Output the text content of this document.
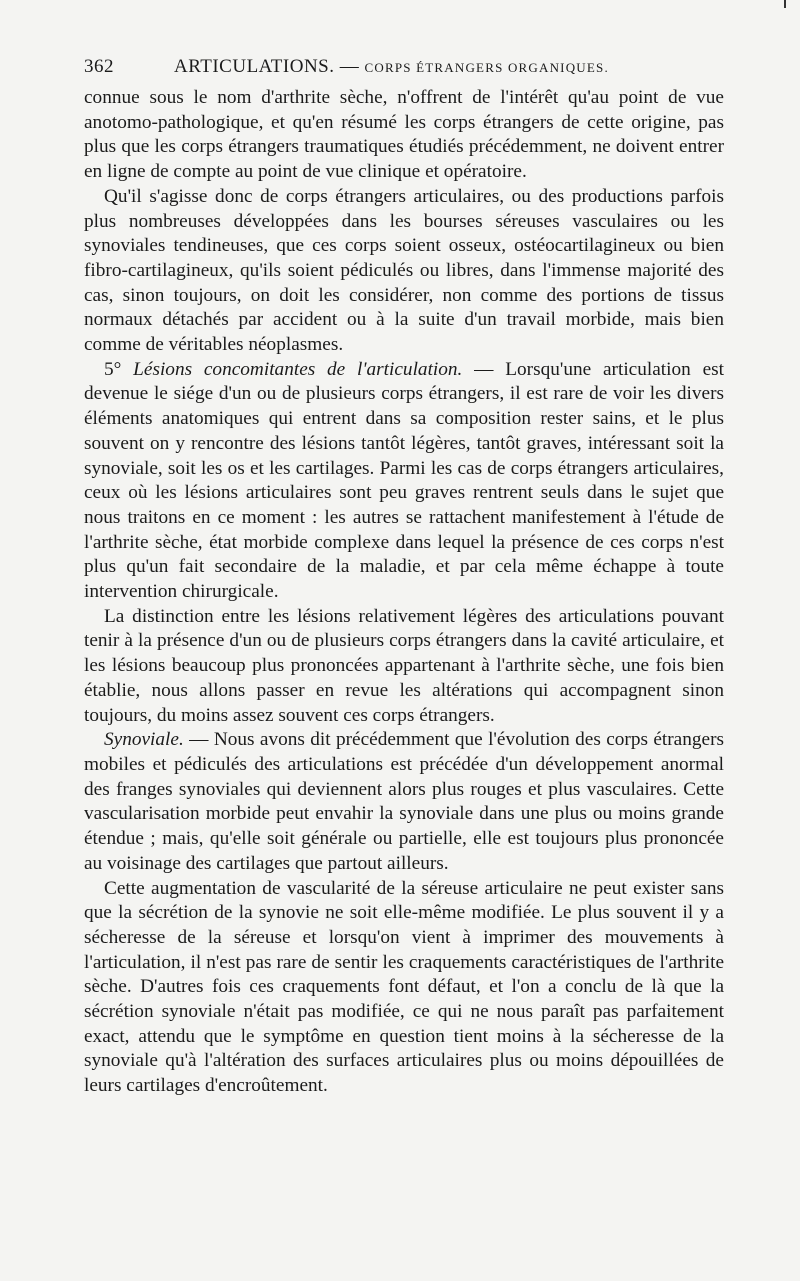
362	ARTICULATIONS. — CORPS ÉTRANGERS ORGANIQUES.

connue sous le nom d'arthrite sèche, n'offrent de l'intérêt qu'au point de vue anotomo-pathologique, et qu'en résumé les corps étrangers de cette origine, pas plus que les corps étrangers traumatiques étudiés précédemment, ne doivent entrer en ligne de compte au point de vue clinique et opératoire.

Qu'il s'agisse donc de corps étrangers articulaires, ou des productions parfois plus nombreuses développées dans les bourses séreuses vasculaires ou les synoviales tendineuses, que ces corps soient osseux, ostéocartilagineux ou bien fibro-cartilagineux, qu'ils soient pédiculés ou libres, dans l'immense majorité des cas, sinon toujours, on doit les considérer, non comme des portions de tissus normaux détachés par accident ou à la suite d'un travail morbide, mais bien comme de véritables néoplasmes.

5° Lésions concomitantes de l'articulation. — Lorsqu'une articulation est devenue le siége d'un ou de plusieurs corps étrangers, il est rare de voir les divers éléments anatomiques qui entrent dans sa composition rester sains, et le plus souvent on y rencontre des lésions tantôt légères, tantôt graves, intéressant soit la synoviale, soit les os et les cartilages. Parmi les cas de corps étrangers articulaires, ceux où les lésions articulaires sont peu graves rentrent seuls dans le sujet que nous traitons en ce moment : les autres se rattachent manifestement à l'étude de l'arthrite sèche, état morbide complexe dans lequel la présence de ces corps n'est plus qu'un fait secondaire de la maladie, et par cela même échappe à toute intervention chirurgicale.

La distinction entre les lésions relativement légères des articulations pouvant tenir à la présence d'un ou de plusieurs corps étrangers dans la cavité articulaire, et les lésions beaucoup plus prononcées appartenant à l'arthrite sèche, une fois bien établie, nous allons passer en revue les altérations qui accompagnent sinon toujours, du moins assez souvent ces corps étrangers.

Synoviale. — Nous avons dit précédemment que l'évolution des corps étrangers mobiles et pédiculés des articulations est précédée d'un développement anormal des franges synoviales qui deviennent alors plus rouges et plus vasculaires. Cette vascularisation morbide peut envahir la synoviale dans une plus ou moins grande étendue ; mais, qu'elle soit générale ou partielle, elle est toujours plus prononcée au voisinage des cartilages que partout ailleurs.

Cette augmentation de vascularité de la séreuse articulaire ne peut exister sans que la sécrétion de la synovie ne soit elle-même modifiée. Le plus souvent il y a sécheresse de la séreuse et lorsqu'on vient à imprimer des mouvements à l'articulation, il n'est pas rare de sentir les craquements caractéristiques de l'arthrite sèche. D'autres fois ces craquements font défaut, et l'on a conclu de là que la sécrétion synoviale n'était pas modifiée, ce qui ne nous paraît pas parfaitement exact, attendu que le symptôme en question tient moins à la sécheresse de la synoviale qu'à l'altération des surfaces articulaires plus ou moins dépouillées de leurs cartilages d'encroûtement.
